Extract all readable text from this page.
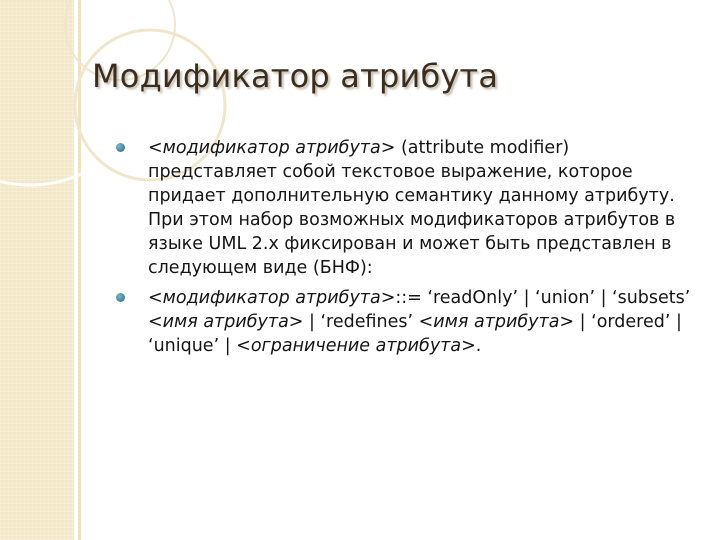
Модификатор атрибута
<модификатор атрибута> (attribute modifier) представляет собой текстовое выражение, которое придает дополнительную семантику данному атрибуту. При этом набор возможных модификаторов атрибутов в языке UML 2.х фиксирован и может быть представлен в следующем виде (БНФ):
<модификатор атрибута>::= ‘readOnly’ | ‘union’ | ‘subsets’ <имя атрибута> | ‘redefines’ <имя атрибута> | ‘ordered’ | ‘unique’ | <ограничение атрибута>.
